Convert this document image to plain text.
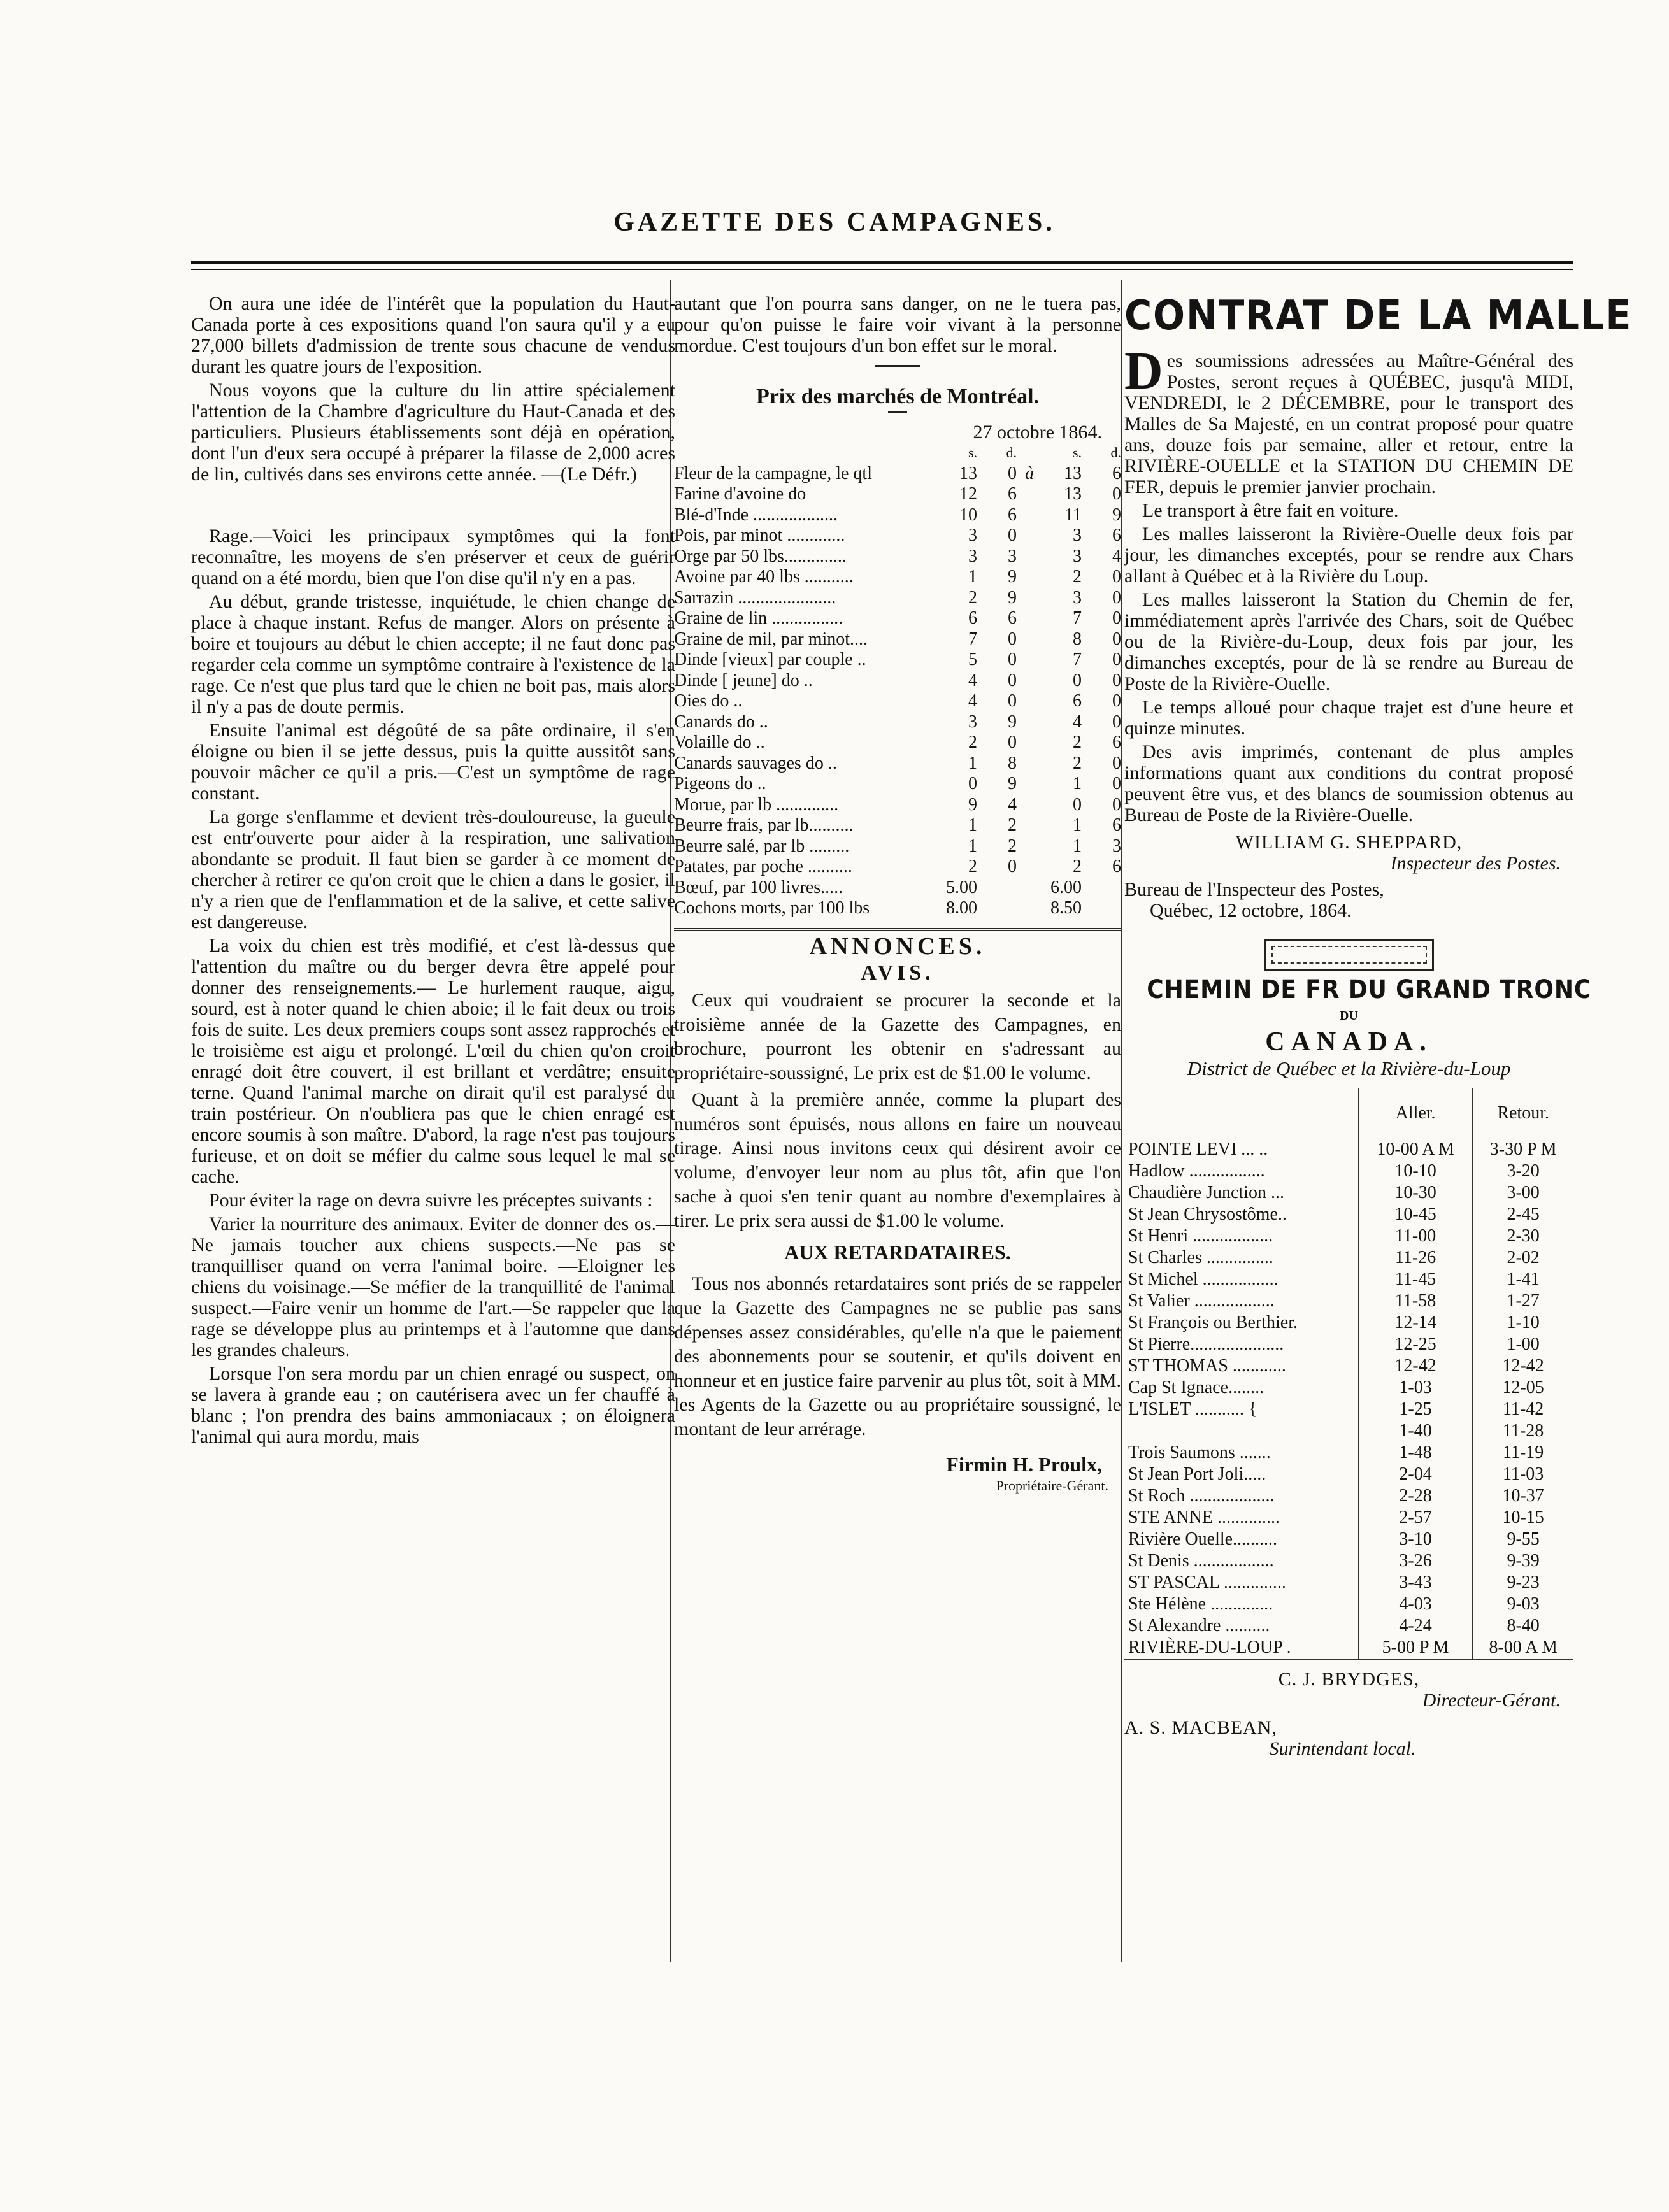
GAZETTE DES CAMPAGNES.

On aura une idée de l'intérêt que la population du Haut-Canada porte à ces expositions quand l'on saura qu'il y a eu 27,000 billets d'admission de trente sous chacune de vendus durant les quatre jours de l'exposition.

Nous voyons que la culture du lin attire spécialement l'attention de la Chambre d'agriculture du Haut-Canada et des particuliers. Plusieurs établissements sont déjà en opération, dont l'un d'eux sera occupé à préparer la filasse de 2,000 acres de lin, cultivés dans ses environs cette année. —(Le Défr.)

Rage.—Voici les principaux symptômes qui la font reconnaître, les moyens de s'en préserver et ceux de guérir quand on a été mordu, bien que l'on dise qu'il n'y en a pas.

Au début, grande tristesse, inquiétude, le chien change de place à chaque instant. Refus de manger. Alors on présente à boire et toujours au début le chien accepte; il ne faut donc pas regarder cela comme un symptôme contraire à l'existence de la rage. Ce n'est que plus tard que le chien ne boit pas, mais alors il n'y a pas de doute permis.

Ensuite l'animal est dégoûté de sa pâte ordinaire, il s'en éloigne ou bien il se jette dessus, puis la quitte aussitôt sans pouvoir mâcher ce qu'il a pris.—C'est un symptôme de rage constant.

La gorge s'enflamme et devient très-douloureuse, la gueule est entr'ouverte pour aider à la respiration, une salivation abondante se produit. Il faut bien se garder à ce moment de chercher à retirer ce qu'on croit que le chien a dans le gosier, il n'y a rien que de l'enflammation et de la salive, et cette salive est dangereuse.

La voix du chien est très modifié, et c'est là-dessus que l'attention du maître ou du berger devra être appelé pour donner des renseignements.— Le hurlement rauque, aigu, sourd, est à noter quand le chien aboie; il le fait deux ou trois fois de suite. Les deux premiers coups sont assez rapprochés et le troisième est aigu et prolongé. L'œil du chien qu'on croit enragé doit être couvert, il est brillant et verdâtre; ensuite terne. Quand l'animal marche on dirait qu'il est paralysé du train postérieur. On n'oubliera pas que le chien enragé est encore soumis à son maître. D'abord, la rage n'est pas toujours furieuse, et on doit se méfier du calme sous lequel le mal se cache.

Pour éviter la rage on devra suivre les préceptes suivants :

Varier la nourriture des animaux. Eviter de donner des os.—Ne jamais toucher aux chiens suspects.—Ne pas se tranquilliser quand on verra l'animal boire. —Eloigner les chiens du voisinage.—Se méfier de la tranquillité de l'animal suspect.—Faire venir un homme de l'art.—Se rappeler que la rage se développe plus au printemps et à l'automne que dans les grandes chaleurs.

Lorsque l'on sera mordu par un chien enragé ou suspect, on se lavera à grande eau ; on cautérisera avec un fer chauffé à blanc ; l'on prendra des bains ammoniacaux ; on éloignera l'animal qui aura mordu, mais

autant que l'on pourra sans danger, on ne le tuera pas, pour qu'on puisse le faire voir vivant à la personne mordue. C'est toujours d'un bon effet sur le moral.

Prix des marchés de Montréal.
27 octobre 1864.
s.	d.	s.	d.
Fleur de la campagne, le qtl	13	0 à	13	6
Farine d'avoine do	12	6	13	0
Blé-d'Inde ...................	10	6	11	9
Pois, par minot .............	3	0	3	6
Orge par 50 lbs..............	3	3	3	4
Avoine par 40 lbs ...........	1	9	2	0
Sarrazin ......................	2	9	3	0
Graine de lin ................	6	6	7	0
Graine de mil, par minot....	7	0	8	0
Dinde [vieux] par couple ..	5	0	7	0
Dinde [ jeune] do ..	4	0	0	0
Oies do ..	4	0	6	0
Canards do ..	3	9	4	0
Volaille do ..	2	0	2	6
Canards sauvages do ..	1	8	2	0
Pigeons do ..	0	9	1	0
Morue, par lb ..............	9	4	0	0
Beurre frais, par lb..........	1	2	1	6
Beurre salé, par lb .........	1	2	1	3
Patates, par poche ..........	2	0	2	6
Bœuf, par 100 livres.....	5.00	6.00
Cochons morts, par 100 lbs	8.00	8.50
ANNONCES.
AVIS.

Ceux qui voudraient se procurer la seconde et la troisième année de la Gazette des Campagnes, en brochure, pourront les obtenir en s'adressant au propriétaire-soussigné, Le prix est de $1.00 le volume.

Quant à la première année, comme la plupart des numéros sont épuisés, nous allons en faire un nouveau tirage. Ainsi nous invitons ceux qui désirent avoir ce volume, d'envoyer leur nom au plus tôt, afin que l'on sache à quoi s'en tenir quant au nombre d'exemplaires à tirer. Le prix sera aussi de $1.00 le volume.

AUX RETARDATAIRES.

Tous nos abonnés retardataires sont priés de se rappeler que la Gazette des Campagnes ne se publie pas sans dépenses assez considérables, qu'elle n'a que le paiement des abonnements pour se soutenir, et qu'ils doivent en honneur et en justice faire parvenir au plus tôt, soit à MM. les Agents de la Gazette ou au propriétaire soussigné, le montant de leur arrérage.

Firmin H. Proulx,
Propriétaire-Gérant.
CONTRAT DE LA MALLE

Des soumissions adressées au Maître-Général des Postes, seront reçues à QUÉBEC, jusqu'à MIDI, VENDREDI, le 2 DÉCEMBRE, pour le transport des Malles de Sa Majesté, en un contrat proposé pour quatre ans, douze fois par semaine, aller et retour, entre la RIVIÈRE-OUELLE et la STATION DU CHEMIN DE FER, depuis le premier janvier prochain.

Le transport à être fait en voiture.

Les malles laisseront la Rivière-Ouelle deux fois par jour, les dimanches exceptés, pour se rendre aux Chars allant à Québec et à la Rivière du Loup.

Les malles laisseront la Station du Chemin de fer, immédiatement après l'arrivée des Chars, soit de Québec ou de la Rivière-du-Loup, deux fois par jour, les dimanches exceptés, pour de là se rendre au Bureau de Poste de la Rivière-Ouelle.

Le temps alloué pour chaque trajet est d'une heure et quinze minutes.

Des avis imprimés, contenant de plus amples informations quant aux conditions du contrat proposé peuvent être vus, et des blancs de soumission obtenus au Bureau de Poste de la Rivière-Ouelle.

WILLIAM G. SHEPPARD,
Inspecteur des Postes.
Bureau de l'Inspecteur des Postes,
Québec, 12 octobre, 1864.
CHEMIN DE FR DU GRAND TRONC
DU
CANADA.
District de Québec et la Rivière-du-Loup
	Aller.	Retour.
POINTE LEVI ... ..	10-00 A M	3-30 P M
Hadlow .................	10-10	3-20
Chaudière Junction ...	10-30	3-00
St Jean Chrysostôme..	10-45	2-45
St Henri ..................	11-00	2-30
St Charles ...............	11-26	2-02
St Michel .................	11-45	1-41
St Valier ..................	11-58	1-27
St François ou Berthier.	12-14	1-10
St Pierre.....................	12-25	1-00
ST THOMAS ............	12-42	12-42
Cap St Ignace........	1-03	12-05
L'ISLET ........... {	1-25	11-42
	1-40	11-28
Trois Saumons .......	1-48	11-19
St Jean Port Joli.....	2-04	11-03
St Roch ...................	2-28	10-37
STE ANNE ..............	2-57	10-15
Rivière Ouelle..........	3-10	9-55
St Denis ..................	3-26	9-39
ST PASCAL ..............	3-43	9-23
Ste Hélène ..............	4-03	9-03
St Alexandre ..........	4-24	8-40
RIVIÈRE-DU-LOUP .	5-00 P M	8-00 A M
C. J. BRYDGES,
Directeur-Gérant.
A. S. MACBEAN,
Surintendant local.
